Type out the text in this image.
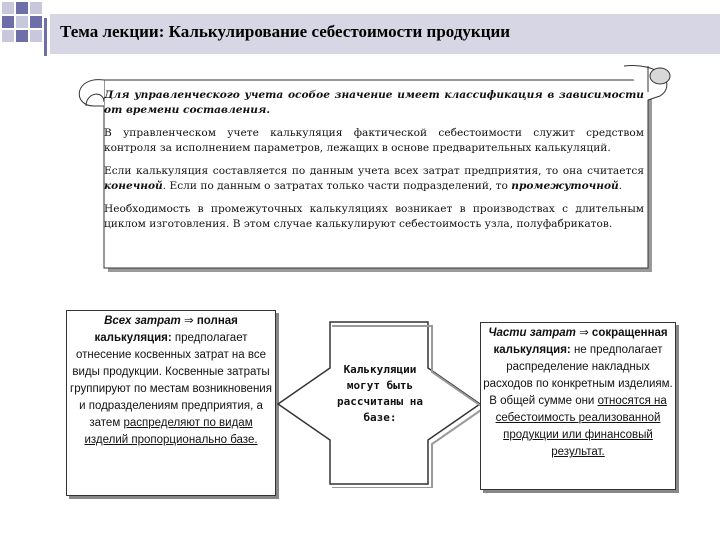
Тема лекции: Калькулирование себестоимости продукции

Для управленческого учета особое значение имеет классификация в зависимости от времени составления.

В управленческом учете калькуляция фактической себестоимости служит средством контроля за исполнением параметров, лежащих в основе предварительных калькуляций.

Если калькуляция составляется по данным учета всех затрат предприятия, то она считается конечной. Если по данным о затратах только части подразделений, то промежуточной.

Необходимость в промежуточных калькуляциях возникает в производствах с длительным циклом изготовления. В этом случае калькулируют себестоимость узла, полуфабрикатов.

Всех затрат ⇒ полная калькуляция: предполагает отнесение косвенных затрат на все виды продукции. Косвенные затраты группируют по местам возникновения и подразделениям предприятия, а затем распределяют по видам изделий пропорционально базе.
Калькуляции могут быть рассчитаны на базе:
Части затрат ⇒ сокращенная калькуляция: не предполагает распределение накладных расходов по конкретным изделиям. В общей сумме они относятся на себестоимость реализованной продукции или финансовый результат.
